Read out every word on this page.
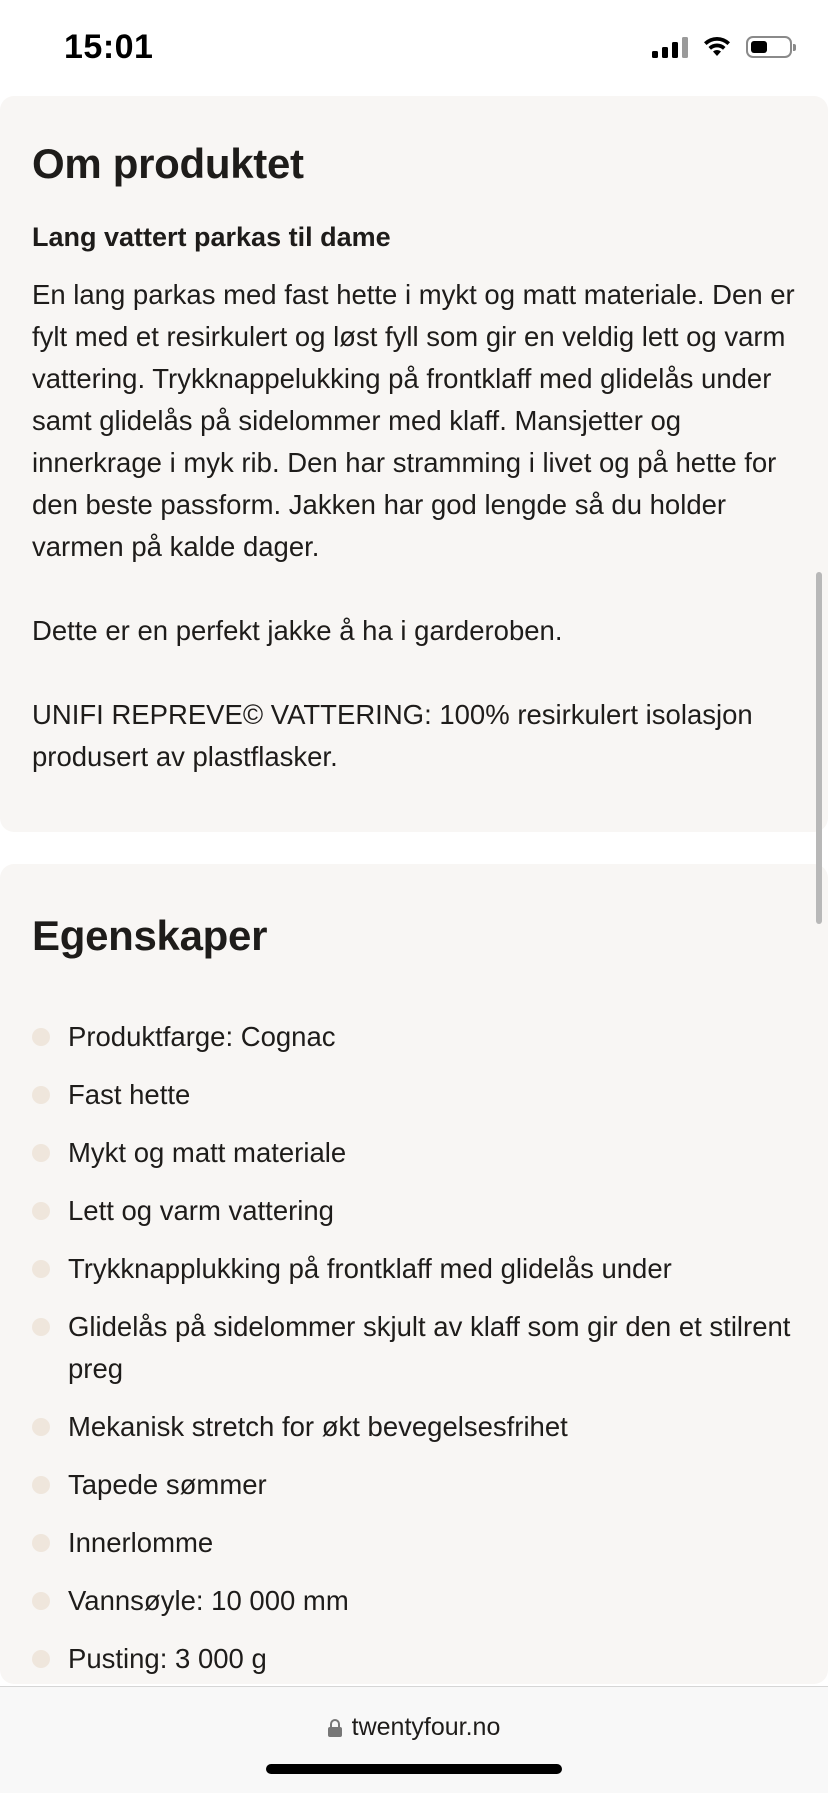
15:01
Om produktet
Lang vattert parkas til dame

En lang parkas med fast hette i mykt og matt materiale. Den er fylt med et resirkulert og løst fyll som gir en veldig lett og varm vattering. Trykknappelukking på frontklaff med glidelås under samt glidelås på sidelommer med klaff. Mansjetter og innerkrage i myk rib. Den har stramming i livet og på hette for den beste passform. Jakken har god lengde så du holder varmen på kalde dager.

Dette er en perfekt jakke å ha i garderoben.

UNIFI REPREVE© VATTERING: 100% resirkulert isolasjon produsert av plastflasker.

Egenskaper
Produktfarge: Cognac
Fast hette
Mykt og matt materiale
Lett og varm vattering
Trykknapplukking på frontklaff med glidelås under
Glidelås på sidelommer skjult av klaff som gir den et stilrent preg
Mekanisk stretch for økt bevegelsesfrihet
Tapede sømmer
Innerlomme
Vannsøyle: 10 000 mm
Pusting: 3 000 g
twentyfour.no
